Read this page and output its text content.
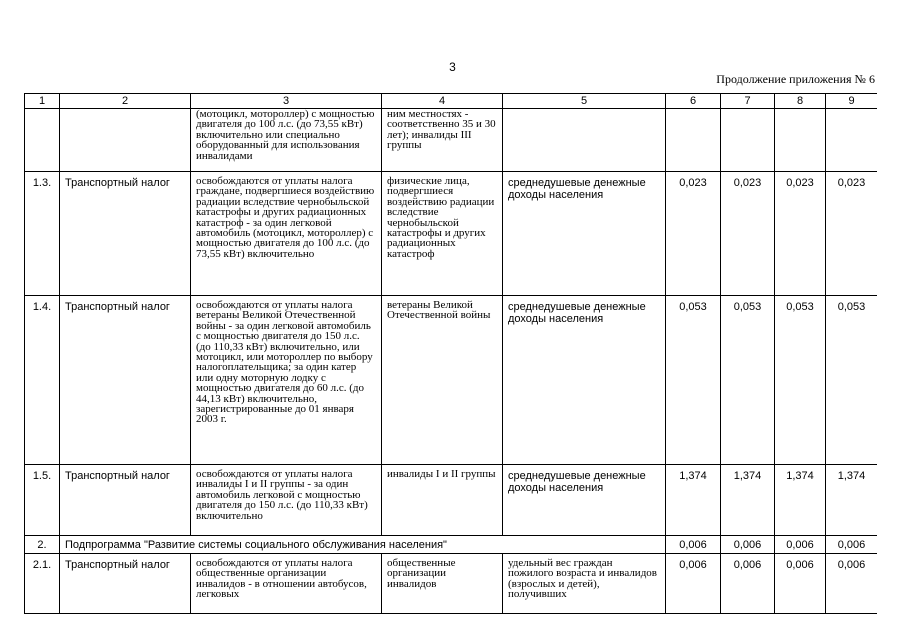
3
Продолжение приложения № 6
1	2	3	4	5	6	7	8	9
		(мотоцикл, мотороллер) с мощностью двигателя до 100 л.с. (до 73,55 кВт) включительно или специально оборудованный для использования инвалидами	ним местностях - соответственно 35 и 30 лет); инвалиды III группы					
1.3.	Транспортный налог	освобождаются от уплаты налога граждане, подвергшиеся воздействию радиации вследствие чернобыльской катастрофы и других радиационных катастроф - за один легковой автомобиль (мотоцикл, мотороллер) с мощностью двигателя до 100 л.с. (до 73,55 кВт) включительно	физические лица, подвергшиеся воздействию радиации вследствие чернобыльской катастрофы и других радиационных катастроф	среднедушевые денежные доходы населения	0,023	0,023	0,023	0,023
1.4.	Транспортный налог	освобождаются от уплаты налога ветераны Великой Отечественной войны - за один легковой автомобиль с мощностью двигателя до 150 л.с. (до 110,33 кВт) включительно, или мотоцикл, или мотороллер по выбору налогоплательщика; за один катер или одну моторную лодку с мощностью двигателя до 60 л.с. (до 44,13 кВт) включительно, зарегистрированные до 01 января 2003 г.	ветераны Великой Отечественной войны	среднедушевые денежные доходы населения	0,053	0,053	0,053	0,053
1.5.	Транспортный налог	освобождаются от уплаты налога инвалиды I и II группы - за один автомобиль легковой с мощностью двигателя до 150 л.с. (до 110,33 кВт) включительно	инвалиды I и II группы	среднедушевые денежные доходы населения	1,374	1,374	1,374	1,374
2.	Подпрограмма "Развитие системы социального обслуживания населения"				0,006	0,006	0,006	0,006
2.1.	Транспортный налог	освобождаются от уплаты налога общественные организации инвалидов - в отношении автобусов, легковых	общественные организации инвалидов	удельный вес граждан пожилого возраста и инвалидов (взрослых и детей), получивших	0,006	0,006	0,006	0,006
